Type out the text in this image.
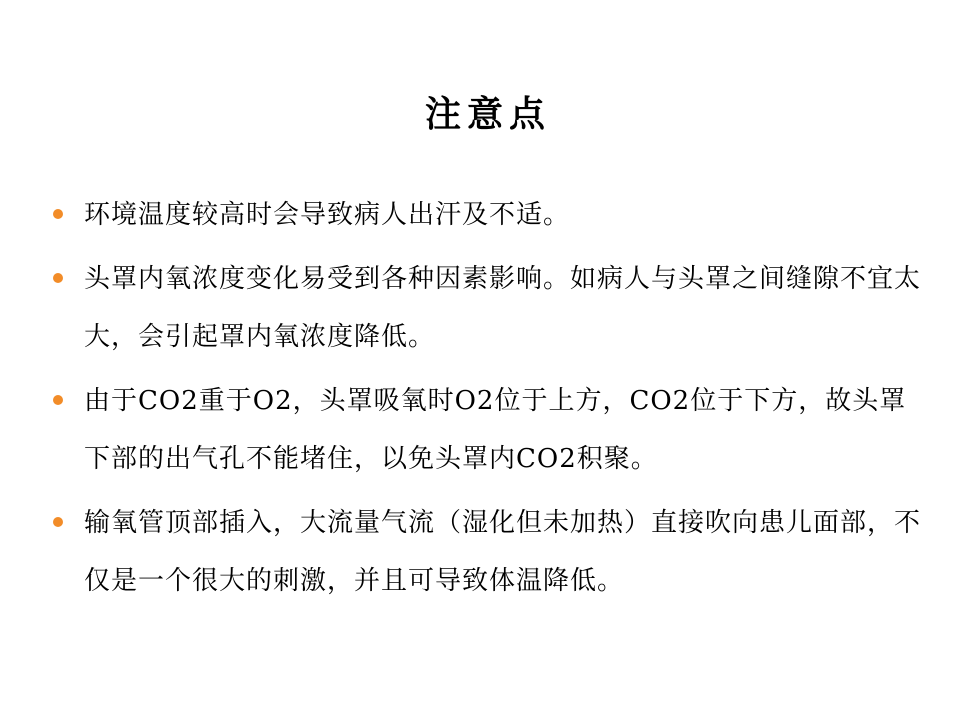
注意点
环境温度较高时会导致病人出汗及不适。
头罩内氧浓度变化易受到各种因素影响。如病人与头罩之间缝隙不宜太大，会引起罩内氧浓度降低。
由于CO2重于O2，头罩吸氧时O2位于上方，CO2位于下方，故头罩下部的出气孔不能堵住，以免头罩内CO2积聚。
输氧管顶部插入，大流量气流（湿化但未加热）直接吹向患儿面部，不仅是一个很大的刺激，并且可导致体温降低。
